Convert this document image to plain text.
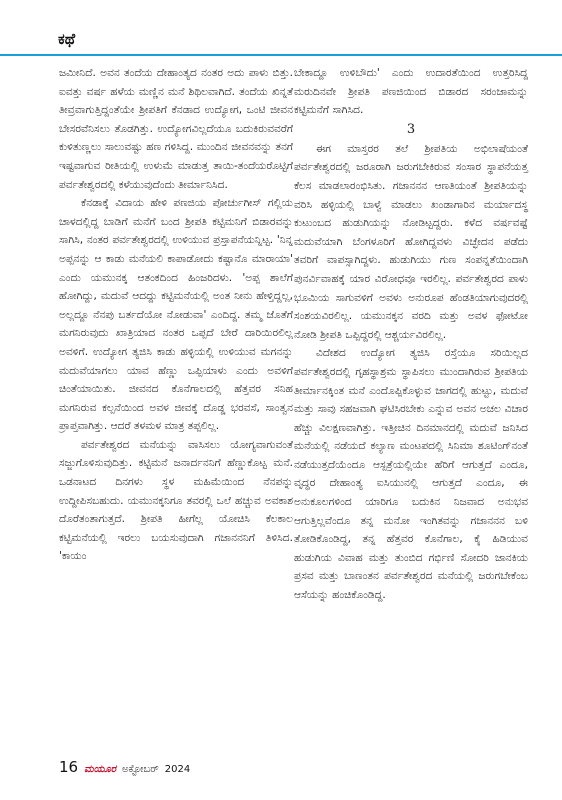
ಕಥೆ

ಜಮೀನಿದೆ. ಅವನ ತಂದೆಯ ದೇಹಾಂತ್ಯದ ನಂತರ ಅದು ಪಾಳು ಬಿತ್ತು. ಐವತ್ತು ವರ್ಷ ಹಳೆಯ ಮಣ್ಣಿನ ಮನೆ ಶಿಥಿಲವಾಗಿದೆ. ತಂದೆಯ ಖಿನ್ನತೆ ತೀವ್ರವಾಗುತ್ತಿದ್ದಂತೆಯೇ ಶ್ರೀಪತಿಗೆ ಕೆನಡಾದ ಉದ್ಯೋಗ, ಒಂಟಿ ಜೀವನ ಬೇಸರವೆನಿಸಲು ತೊಡಗಿತ್ತು. ಉದ್ಯೋಗವಿಲ್ಲದೆಯೂ ಬದುಕಿರುವವರೆಗೆ ಕುಳಿತುಣ್ಣಲು ಸಾಲುವಷ್ಟು ಹಣ ಗಳಿಸಿದ್ದ. ಮುಂದಿನ ಜೀವನವನ್ನು ತನಗೆ ಇಷ್ಟವಾಗುವ ರೀತಿಯಲ್ಲಿ ಉಳುಮೆ ಮಾಡುತ್ತ ತಾಯಿ-ತಂದೆಯರೊಟ್ಟಿಗೆ ಪರ್ವತೇಶ್ವರದಲ್ಲಿ ಕಳೆಯುವುದೆಂದು ತೀರ್ಮಾನಿಸಿದ.

ಕೆನಡಾಕ್ಕೆ ವಿದಾಯ ಹೇಳಿ ಪಣಜಿಯ ಪೋರ್ಚುಗೀಸ್ ಗಲ್ಲಿಯ ಚಾಳದಲ್ಲಿದ್ದ ಬಾಡಿಗೆ ಮನೆಗೆ ಬಂದ ಶ್ರೀಪತಿ ಕಟ್ಟಿಮನಿಗೆ ಬಿಡಾರವನ್ನು ಸಾಗಿಸಿ, ನಂತರ ಪರ್ವತೇಶ್ವರದಲ್ಲಿ ಉಳಿಯುವ ಪ್ರಸ್ತಾಪನೆಯನ್ನಿಟ್ಟ. 'ನಿನ್ನ ಅಪ್ಪನನ್ನು ಆ ಕಾಡು ಮನೆಯಲಿ ಕಾಪಾಡೋದು ಕಷ್ಟಾನೊ ಮಾರಾಯಾ' ಎಂದು ಯಮುನಕ್ಕ ಆತಂಕದಿಂದ ಹಿಂಜರಿದಳು. 'ಅಪ್ಪ ಶಾಲೆಗೆ ಹೋಗಿದ್ದು, ಮದುವೆ ಆದದ್ದು ಕಟ್ಟಿಮನೆಯಲ್ಲಿ ಅಂತ ನೀನು ಹೇಳ್ತಿದ್ದಲ್ಲ, ಅಲ್ಲದ್ದೂ ನೆನಪು ಬರ್ತದೆಯೋ ನೋಡುವಾ' ಎಂದಿದ್ದ. ತಮ್ಮ ಜೊತೆಗೆ ಮಗನಿರುವುದು ಖಾತ್ರಿಯಾದ ನಂತರ ಒಪ್ಪದೆ ಬೇರೆ ದಾರಿಯಿರಲಿಲ್ಲ ಅವಳಿಗೆ. ಉದ್ಯೋಗ ತ್ಯಜಿಸಿ ಕಾಡು ಹಳ್ಳಿಯಲ್ಲಿ ಉಳಿಯುವ ಮಗನನ್ನು ಮದುವೆಯಾಗಲು ಯಾವ ಹೆಣ್ಣು ಒಪ್ಪಿಯಾಳು ಎಂದು ಅವಳಿಗೆ ಚಿಂತೆಯಾಯಿತು. ಜೀವನದ ಕೊನೆಗಾಲದಲ್ಲಿ ಹೆತ್ತವರ ಸನಿಹ ಮಗನಿರುವ ಕಲ್ಪನೆಯಿಂದ ಅವಳ ಜೀವಕ್ಕೆ ದೊಡ್ಡ ಭರವಸೆ, ಸಾಂತ್ವನ ಪ್ರಾಪ್ತವಾಗಿತ್ತು. ಆದರೆ ತಳಮಳ ಮಾತ್ರ ತಪ್ಪಲಿಲ್ಲ.

ಪರ್ವತೇಶ್ವರದ ಮನೆಯನ್ನು ವಾಸಿಸಲು ಯೋಗ್ಯವಾಗುವಂತೆ ಸಜ್ಜುಗೊಳಿಸುವುದಿತ್ತು. ಕಟ್ಟಿಮನೆ ಜನಾರ್ದನನಿಗೆ ಹೆಣ್ಣುಕೊಟ್ಟ ಮನೆ. ಒಡನಾಟದ ದಿನಗಳು ಸ್ಥಳ ಮಹಿಮೆಯಿಂದ ನೆನಪನ್ನು ಉದ್ದೀಪಿಸಬಹುದು. ಯಮುನಕ್ಕನಿಗೂ ತವರಲ್ಲಿ ಒಲೆ ಹಚ್ಚುವ ಅವಕಾಶ ದೊರೆತಂತಾಗುತ್ತದೆ. ಶ್ರೀಪತಿ ಹೀಗೆಲ್ಲ ಯೋಚಿಸಿ ಕೆಲಕಾಲ ಕಟ್ಟಿಮನೆಯಲ್ಲಿ ಇರಲು ಬಯಸುವುದಾಗಿ ಗಜಾನನನಿಗೆ ತಿಳಿಸಿದ. 'ಕಾಯಂ

ಬೇಕಾದ್ದೂ ಉಳಿಬೌದು' ಎಂದು ಉದಾರತೆಯಿಂದ ಉತ್ತರಿಸಿದ್ದ ಮರುದಿನವೇ ಶ್ರೀಪತಿ ಪಣಜಿಯಿಂದ ಬಿಡಾರದ ಸರಂಜಾಮನ್ನು ಕಟ್ಟಿಮನೆಗೆ ಸಾಗಿಸಿದ.

3

ಈಗ ಮಾಸ್ತರರ ತಲೆ ಶ್ರೀಪತಿಯ ಅಭಿಲಾಷೆಯಂತೆ ಪರ್ವತೇಶ್ವರದಲ್ಲಿ ಜರೂರಾಗಿ ಜರುಗಬೇಕಿರುವ ಸಂಸಾರ ಸ್ಥಾಪನೆಯತ್ತ ಕೆಲಸ ಮಾಡಲಾರಂಭಿಸಿತು. ಗಜಾನನನ ಆಣತಿಯಂತೆ ಶ್ರೀಪತಿಯನ್ನು ವರಿಸಿ ಹಳ್ಳಿಯಲ್ಲಿ ಬಾಳ್ವೆ ಮಾಡಲು ಖಂಡಾಗಾರಿನ ಮರ್ಯಾದಸ್ಥ ಕುಟುಂಬದ ಹುಡುಗಿಯನ್ನು ನೋಡಿಟ್ಟದ್ದರು. ಕಳೆದ ವರ್ಷವಷ್ಟೆ ಮದುವೆಯಾಗಿ ಬೆಂಗಳೂರಿಗೆ ಹೋಗಿದ್ದವಳು ವಿಚ್ಛೇದನ ಪಡೆದು ತವರಿಗೆ ವಾಪಸ್ಸಾಗಿದ್ದಳು. ಹುಡುಗಿಯು ಗುಣ ಸಂಪನ್ನತೆಯಿಂದಾಗಿ ಪುನರ್ವಿವಾಹಕ್ಕೆ ಯಾರ ವಿರೋಧವೂ ಇರಲಿಲ್ಲ. ಪರ್ವತೇಶ್ವರದ ಪಾಳು ಭೂಮಿಯ ಸಾಗುವಳಿಗೆ ಅವಳು ಅನುರೂಪ ಹೆಂಡತಿಯಾಗುವುದರಲ್ಲಿ ಸಂಶಯವಿರಲಿಲ್ಲ. ಯಮುನಕ್ಕನ ವರದಿ ಮತ್ತು ಅವಳ ಫೋಟೋ ನೋಡಿ ಶ್ರೀಪತಿ ಒಪ್ಪಿದ್ದರಲ್ಲಿ ಆಶ್ಚರ್ಯವಿರಲಿಲ್ಲ.

ವಿದೇಶದ ಉದ್ಯೋಗ ತ್ಯಜಿಸಿ ರಸ್ತೆಯೂ ಸರಿಯಿಲ್ಲದ ಪರ್ವತೇಶ್ವರದಲ್ಲಿ ಗೃಹಸ್ಥಾಶ್ರಮ ಸ್ಥಾಪಿಸಲು ಮುಂದಾಗಿರುವ ಶ್ರೀಪತಿಯ ತೀರ್ಮಾನಕ್ಕಿಂತ ಮನೆ ಎಂದೊಪ್ಪಿಕೊಳ್ಳುವ ಜಾಗದಲ್ಲಿ ಹುಟ್ಟು, ಮದುವೆ ಮತ್ತು ಸಾವು ಸಹಜವಾಗಿ ಘಟಿಸಿರಬೇಕು ಎನ್ನುವ ಅವನ ಅಚಲ ವಿಚಾರ ಹೆಚ್ಚು ವಿಲಕ್ಷಣವಾಗಿತ್ತು. ಇತ್ತೀಚಿನ ದಿನಮಾನದಲ್ಲಿ ಮದುವೆ ಜನಿಸಿದ ಮನೆಯಲ್ಲಿ ನಡೆಯದೆ ಕಲ್ಯಾಣ ಮಂಟಪದಲ್ಲಿ ಸಿನಿಮಾ ಶೂಟಿಂಗ್‌ನಂತೆ ನಡೆಯುತ್ತದೆಯೆಂದೂ ಆಸ್ಪತ್ರೆಯಲ್ಲಿಯೇ ಹೆರಿಗೆ ಆಗುತ್ತದೆ ಎಂದೂ, ವೃದ್ಧರ ದೇಹಾಂತ್ಯ ಐಸಿಯುನಲ್ಲಿ ಆಗುತ್ತದೆ ಎಂದೂ, ಈ ಅನುಕೂಲಗಳಿಂದ ಯಾರಿಗೂ ಬದುಕಿನ ನಿಜವಾದ ಅನುಭವ ಆಗುತ್ತಿಲ್ಲವೆಂದೂ ತನ್ನ ಮನೋ ಇಂಗಿತವನ್ನು ಗಜಾನನನ ಬಳಿ ತೋಡಿಕೊಂಡಿದ್ದ, ತನ್ನ ಹೆತ್ತವರ ಕೊನೆಗಾಲ, ಕೈ ಹಿಡಿಯುವ ಹುಡುಗಿಯ ವಿವಾಹ ಮತ್ತು ತುಂಬಿದ ಗರ್ಭಿಣಿ ಸೋದರಿ ಜಾನಕಿಯ ಪ್ರಸವ ಮತ್ತು ಬಾಣಂತನ ಪರ್ವತೇಶ್ವರದ ಮನೆಯಲ್ಲಿ ಜರುಗಬೇಕೆಂಬ ಆಸೆಯನ್ನು ಹಂಚಿಕೊಂಡಿದ್ದ.

16 ಮಯೂರ ಅಕ್ಟೋಬರ್ 2024
